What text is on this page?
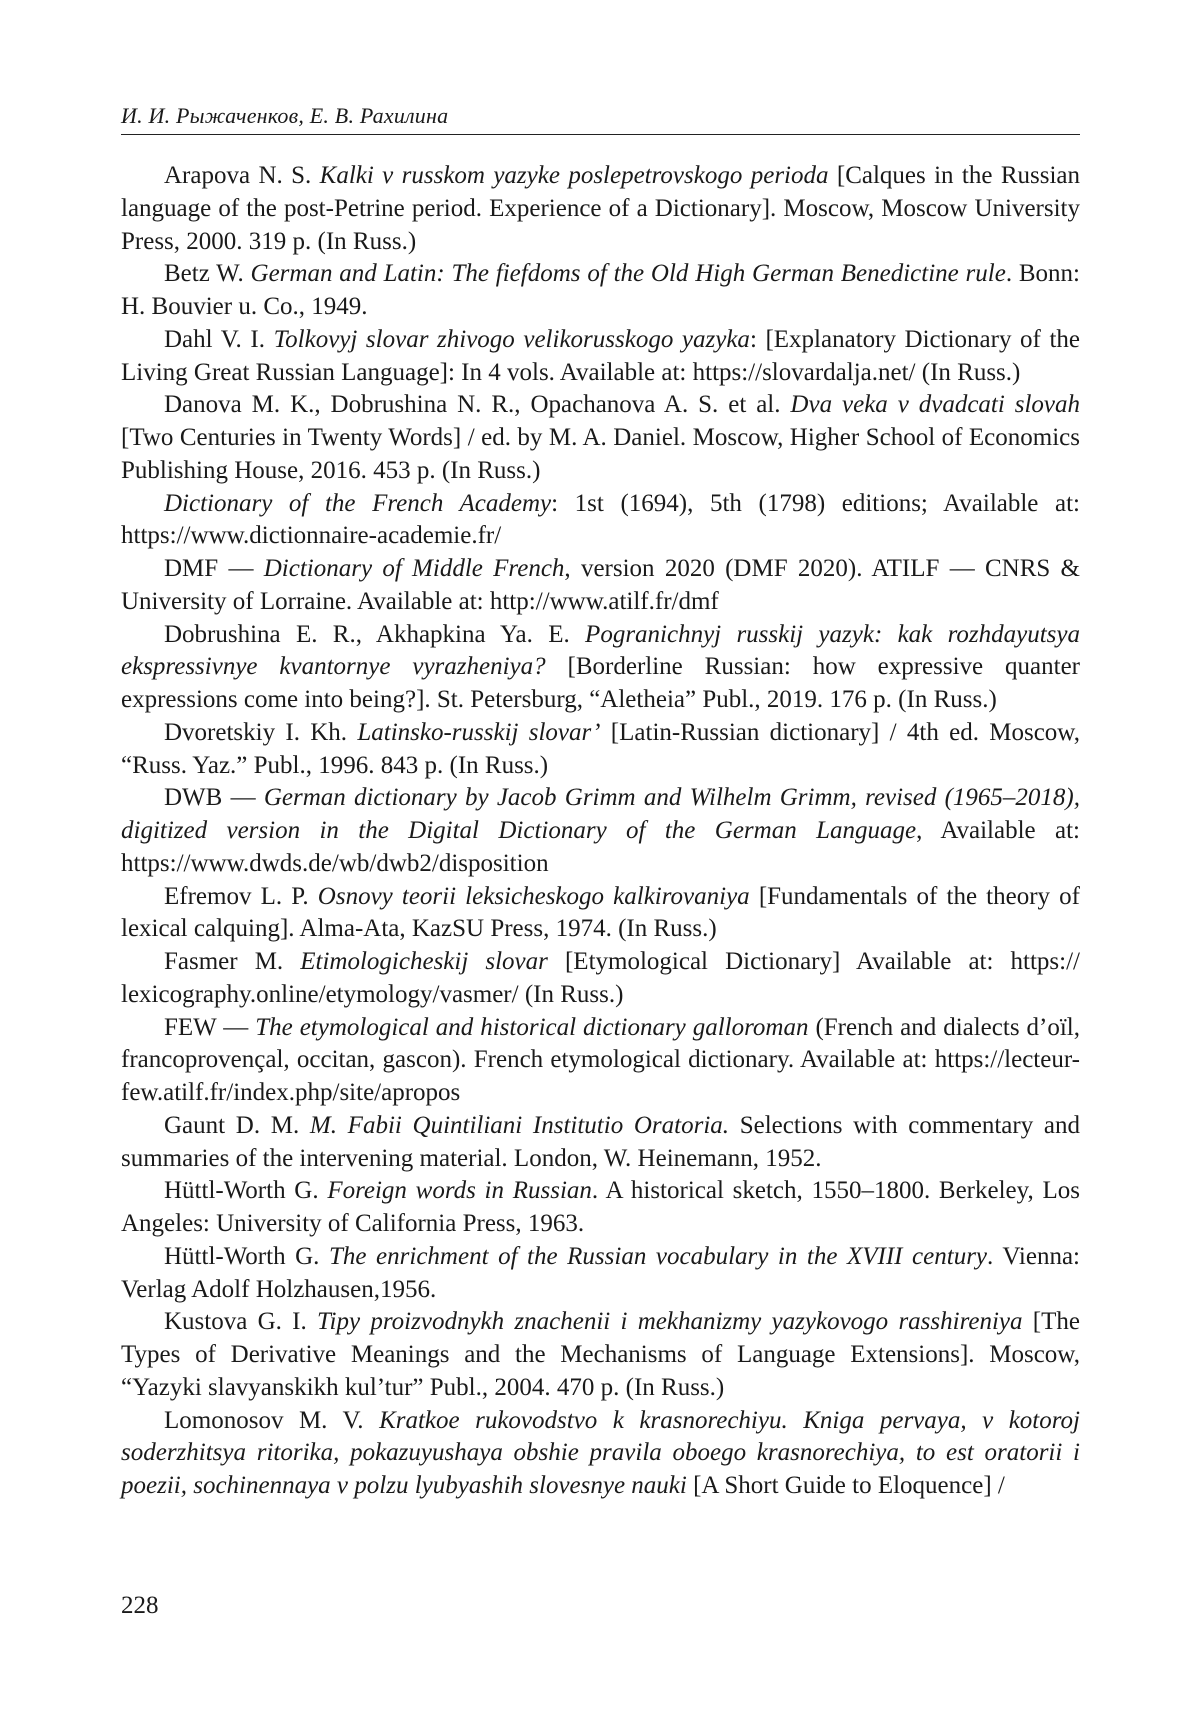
И. И. Рыжаченков, Е. В. Рахилина

Arapova N. S. Kalki v russkom yazyke poslepetrovskogo perioda [Calques in the Russian language of the post-Petrine period. Experience of a Dictionary]. Moscow, Moscow University Press, 2000. 319 p. (In Russ.)

Betz W. German and Latin: The fiefdoms of the Old High German Benedictine rule. Bonn: H. Bouvier u. Co., 1949.

Dahl V. I. Tolkovyj slovar zhivogo velikorusskogo yazyka: [Explanatory Dictionary of the Living Great Russian Language]: In 4 vols. Available at: https://slovardalja.net/ (In Russ.)

Danova M. K., Dobrushina N. R., Opachanova A. S. et al. Dva veka v dvadcati slovah [Two Centuries in Twenty Words] / ed. by M. A. Daniel. Moscow, Higher School of Economics Publishing House, 2016. 453 p. (In Russ.)

Dictionary of the French Academy: 1st (1694), 5th (1798) editions; Available at: https://www.dictionnaire-academie.fr/

DMF — Dictionary of Middle French, version 2020 (DMF 2020). ATILF — CNRS & University of Lorraine. Available at: http://www.atilf.fr/dmf

Dobrushina E. R., Akhapkina Ya. E. Pogranichnyj russkij yazyk: kak rozhdayutsya ekspressivnye kvantornye vyrazheniya? [Borderline Russian: how expressive quanter expressions come into being?]. St. Petersburg, “Aletheia” Publ., 2019. 176 p. (In Russ.)

Dvoretskiy I. Kh. Latinsko-russkij slovar’ [Latin-Russian dictionary] / 4th ed. Moscow, “Russ. Yaz.” Publ., 1996. 843 p. (In Russ.)

DWB — German dictionary by Jacob Grimm and Wilhelm Grimm, revised (1965–2018), digitized version in the Digital Dictionary of the German Language, Available at: https://www.dwds.de/wb/dwb2/disposition

Efremov L. P. Osnovy teorii leksicheskogo kalkirovaniya [Fundamentals of the theory of lexical calquing]. Alma-Ata, KazSU Press, 1974. (In Russ.)

Fasmer M. Etimologicheskij slovar [Etymological Dictionary] Available at: https:// lexicography.online/etymology/vasmer/ (In Russ.)

FEW — The etymological and historical dictionary galloroman (French and dialects d’oïl, francoprovençal, occitan, gascon). French etymological dictionary. Available at: https://lecteur-few.atilf.fr/index.php/site/apropos

Gaunt D. M. M. Fabii Quintiliani Institutio Oratoria. Selections with commentary and summaries of the intervening material. London, W. Heinemann, 1952.

Hüttl-Worth G. Foreign words in Russian. A historical sketch, 1550–1800. Berkeley, Los Angeles: University of California Press, 1963.

Hüttl-Worth G. The enrichment of the Russian vocabulary in the XVIII century. Vienna: Verlag Adolf Holzhausen,1956.

Kustova G. I. Tipy proizvodnykh znachenii i mekhanizmy yazykovogo rasshireniya [The Types of Derivative Meanings and the Mechanisms of Language Extensions]. Moscow, “Yazyki slavyanskikh kul’tur” Publ., 2004. 470 p. (In Russ.)

Lomonosov M. V. Kratkoe rukovodstvo k krasnorechiyu. Kniga pervaya, v kotoroj soderzhitsya ritorika, pokazuyushaya obshie pravila oboego krasnorechiya, to est oratorii i poezii, sochinennaya v polzu lyubyashih slovesnye nauki [A Short Guide to Eloquence] /

228
